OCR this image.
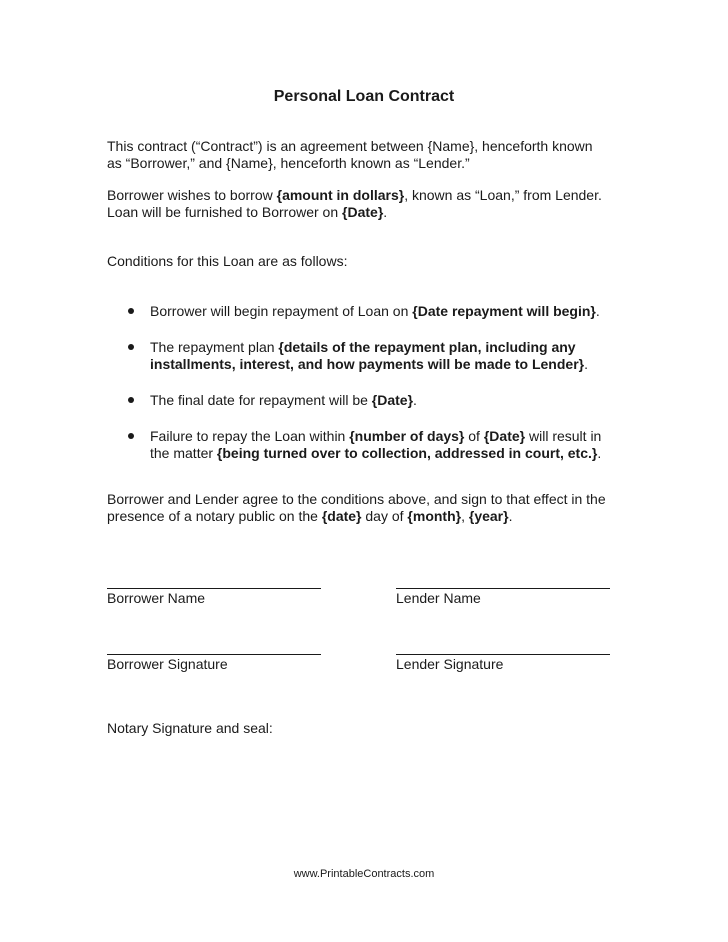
Personal Loan Contract

This contract (“Contract”) is an agreement between {Name}, henceforth known
as “Borrower,” and {Name}, henceforth known as “Lender.”

Borrower wishes to borrow {amount in dollars}, known as “Loan,” from Lender.
Loan will be furnished to Borrower on {Date}.

Conditions for this Loan are as follows:

Borrower will begin repayment of Loan on {Date repayment will begin}.
The repayment plan {details of the repayment plan, including any
installments, interest, and how payments will be made to Lender}.
The final date for repayment will be {Date}.
Failure to repay the Loan within {number of days} of {Date} will result in
the matter {being turned over to collection, addressed in court, etc.}.

Borrower and Lender agree to the conditions above, and sign to that effect in the
presence of a notary public on the {date} day of {month}, {year}.

Borrower Name	Lender Name
Borrower Signature	Lender Signature
Notary Signature and seal:
www.PrintableContracts.com
